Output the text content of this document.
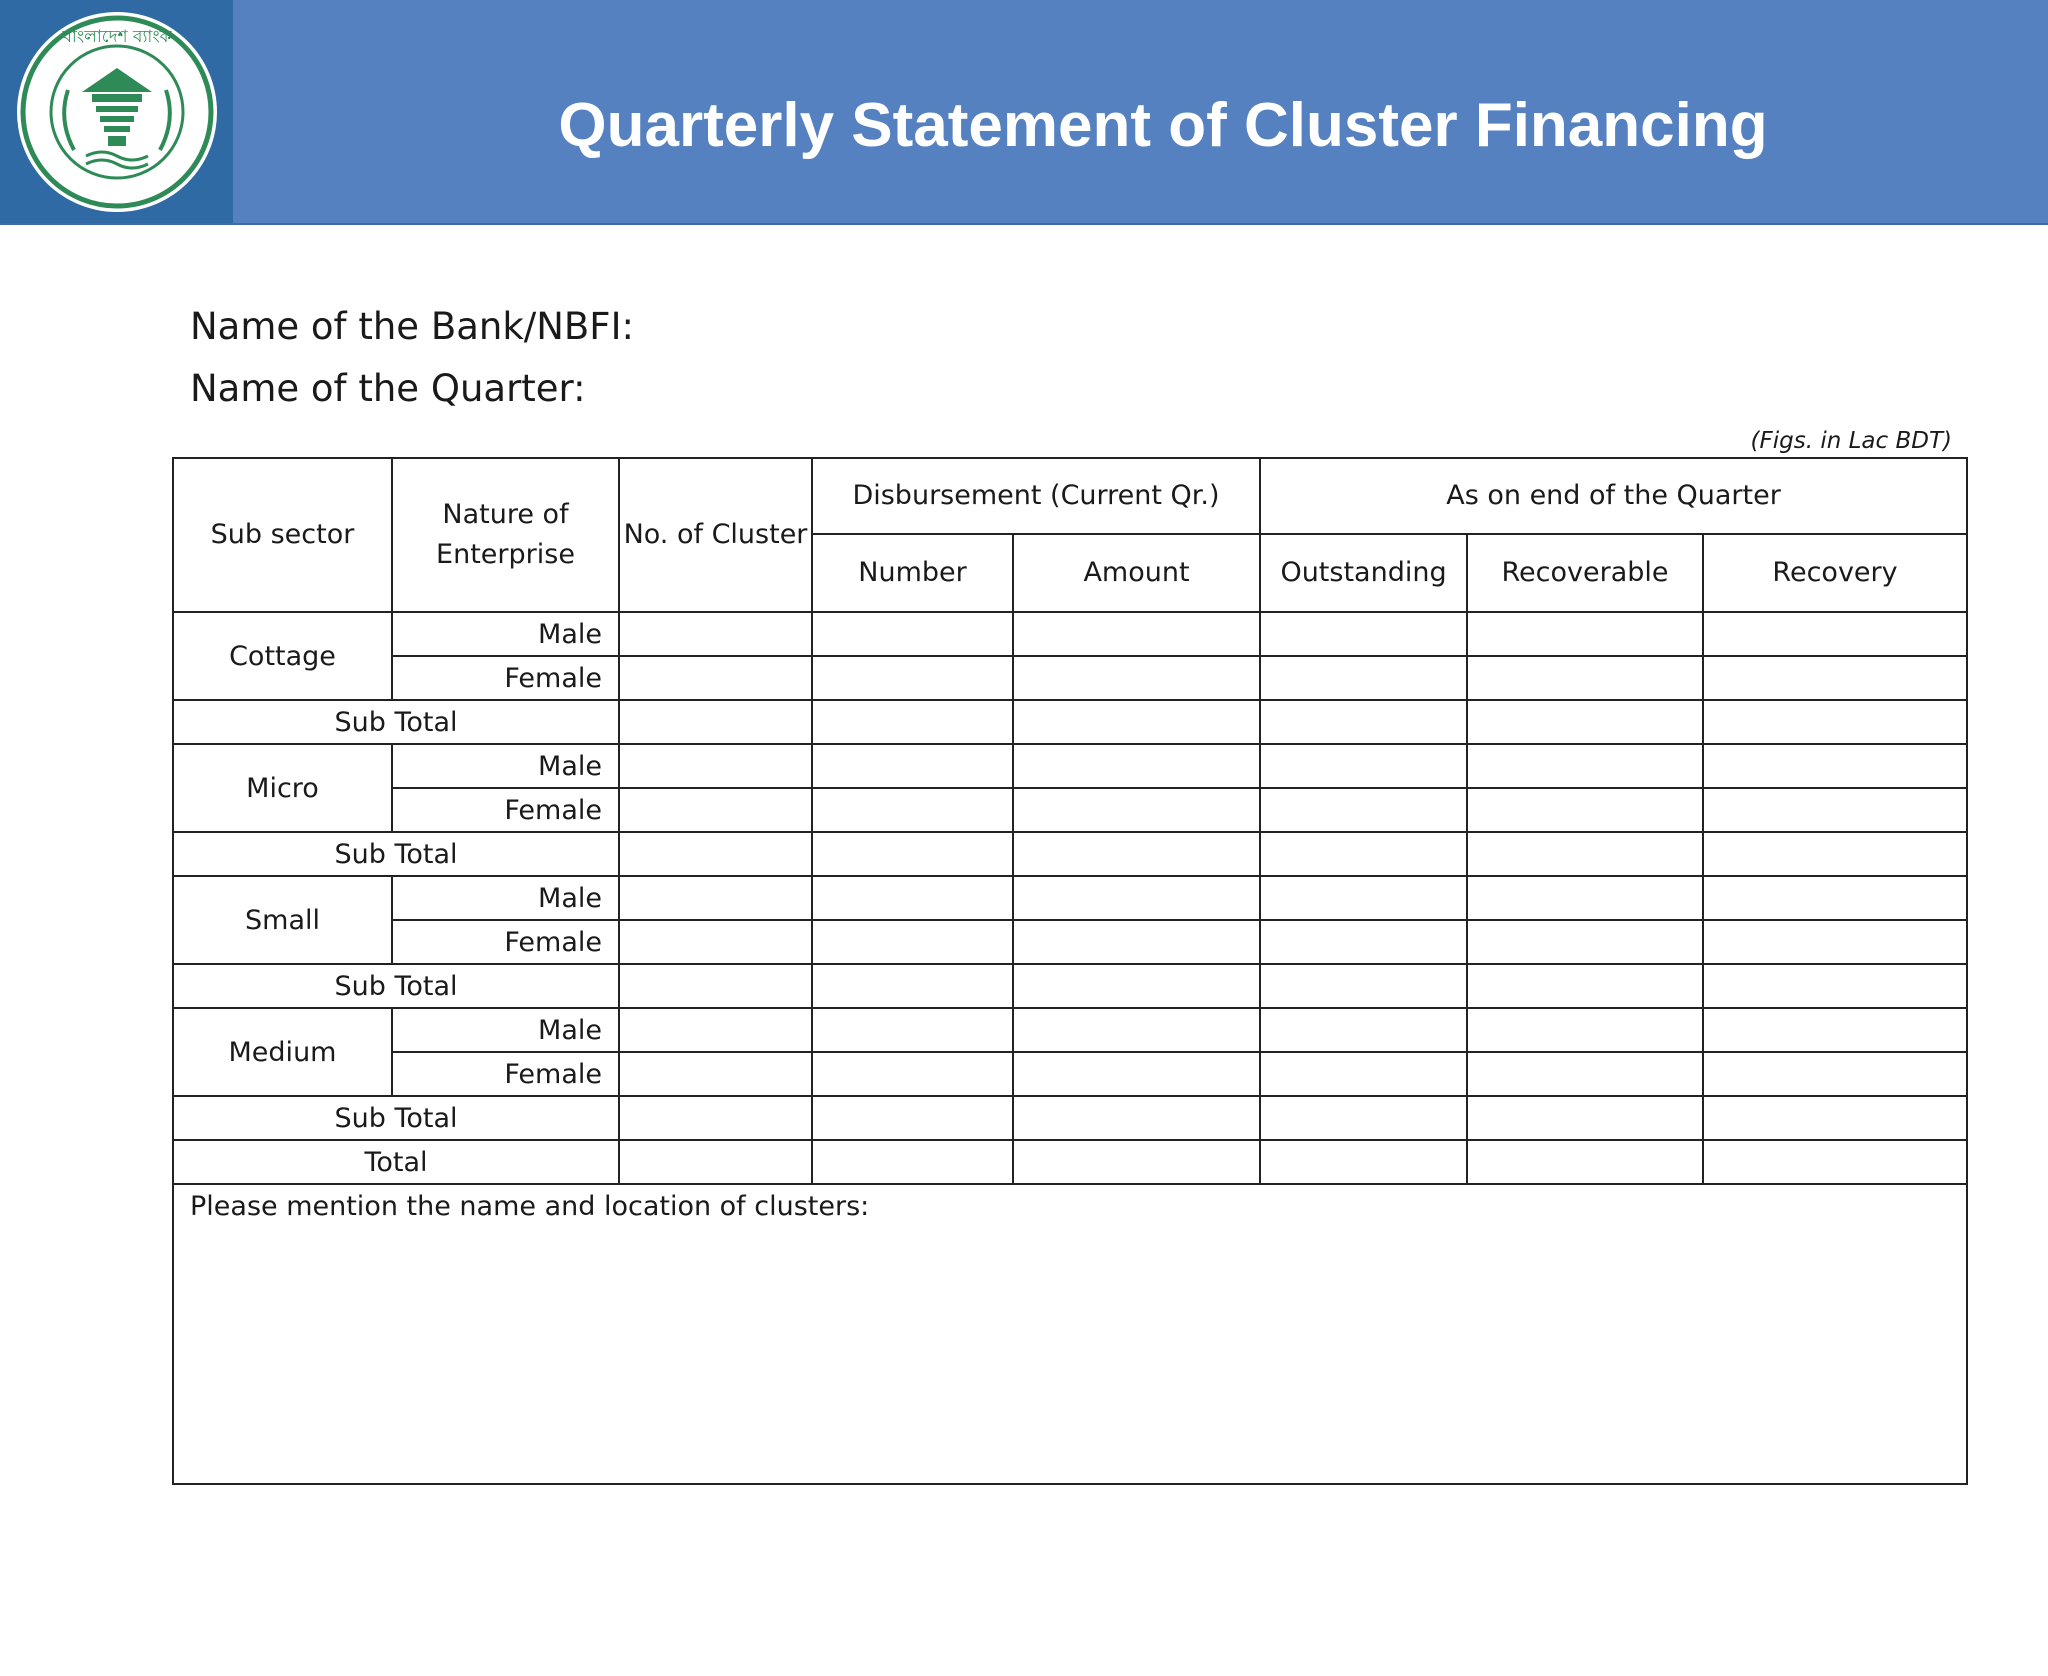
বাংলাদেশ ব্যাংক
Quarterly Statement of Cluster Financing
Name of the Bank/NBFI:
Name of the Quarter:
(Figs. in Lac BDT)
Sub sector	Nature of Enterprise	No. of Cluster	Disbursement (Current Qr.)		As on end of the Quarter		
			Number	Amount	Outstanding	Recoverable	Recovery
Cottage	Male						
	Female						
Sub Total							
Micro	Male						
	Female						
Sub Total							
Small	Male						
	Female						
Sub Total							
Medium	Male						
	Female						
Sub Total							
Total							
Please mention the name and location of clusters:							
